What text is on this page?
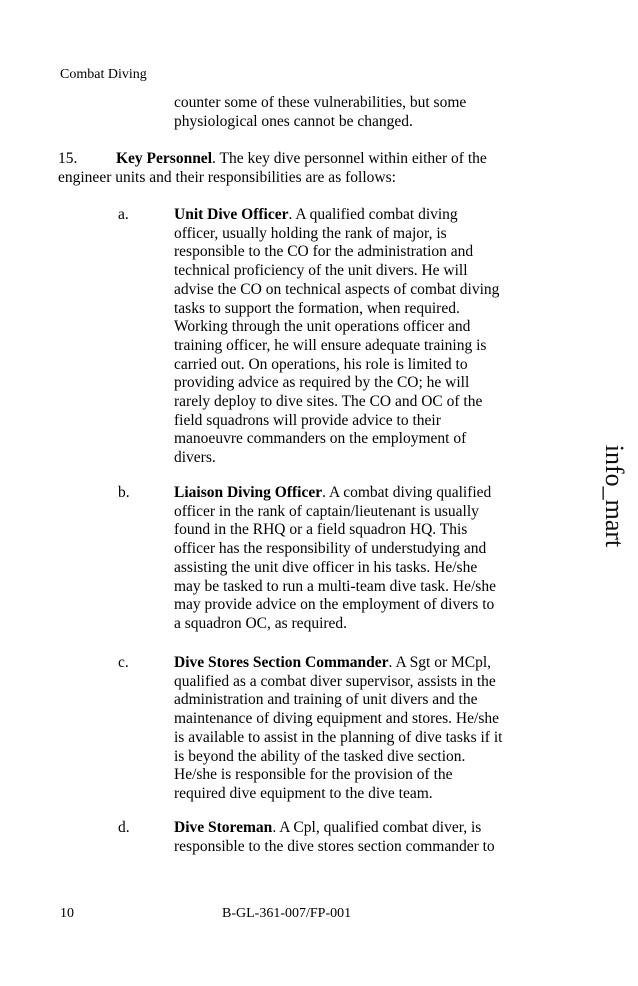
Combat Diving
counter some of these vulnerabilities, but some
physiological ones cannot be changed.
15. Key Personnel. The key dive personnel within either of the
engineer units and their responsibilities are as follows:
a.	Unit Dive Officer. A qualified combat diving
officer, usually holding the rank of major, is
responsible to the CO for the administration and
technical proficiency of the unit divers. He will
advise the CO on technical aspects of combat diving
tasks to support the formation, when required.
Working through the unit operations officer and
training officer, he will ensure adequate training is
carried out. On operations, his role is limited to
providing advice as required by the CO; he will
rarely deploy to dive sites. The CO and OC of the
field squadrons will provide advice to their
manoeuvre commanders on the employment of
divers.
b.	Liaison Diving Officer. A combat diving qualified
officer in the rank of captain/lieutenant is usually
found in the RHQ or a field squadron HQ. This
officer has the responsibility of understudying and
assisting the unit dive officer in his tasks. He/she
may be tasked to run a multi-team dive task. He/she
may provide advice on the employment of divers to
a squadron OC, as required.
c.	Dive Stores Section Commander. A Sgt or MCpl,
qualified as a combat diver supervisor, assists in the
administration and training of unit divers and the
maintenance of diving equipment and stores. He/she
is available to assist in the planning of dive tasks if it
is beyond the ability of the tasked dive section.
He/she is responsible for the provision of the
required dive equipment to the dive team.
d.	Dive Storeman. A Cpl, qualified combat diver, is
responsible to the dive stores section commander to
info_mart
10	B-GL-361-007/FP-001
